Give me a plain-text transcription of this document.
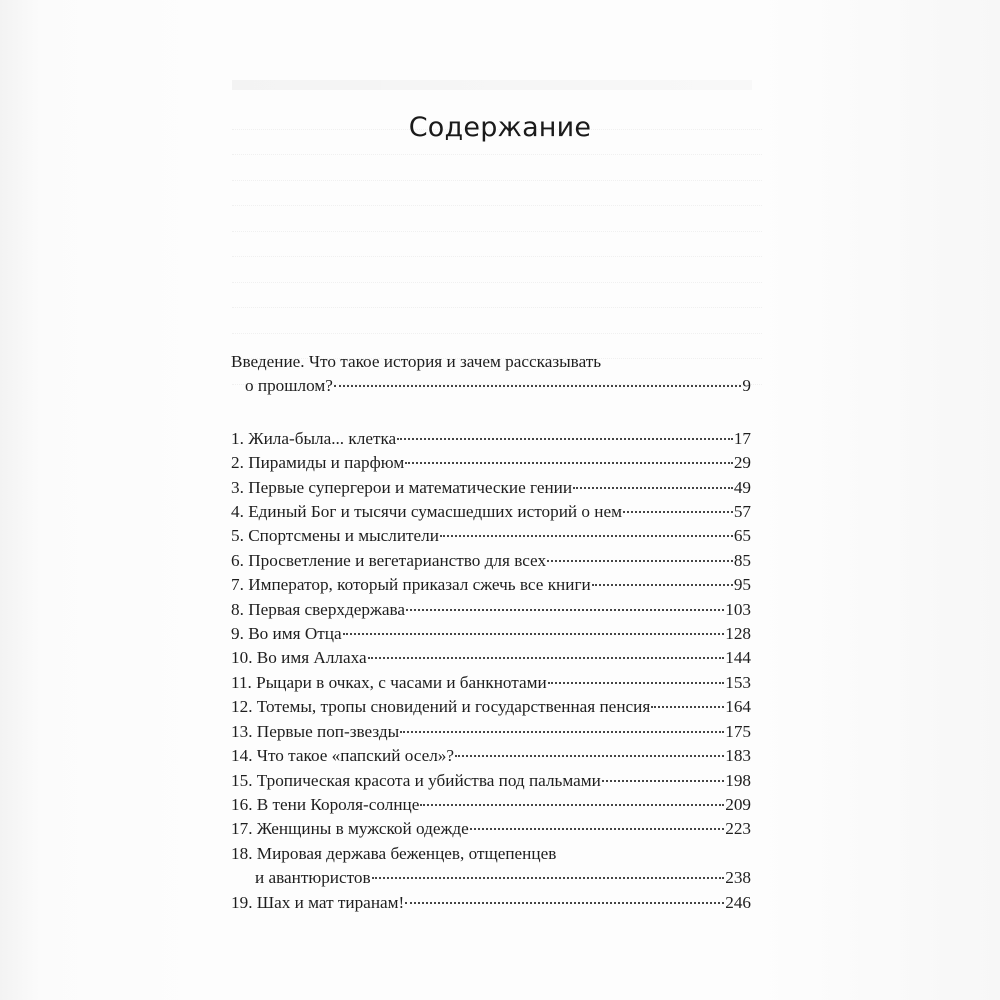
Содержание
Введение. Что такое история и зачем рассказывать
о прошлом?	9
1. Жила-была... клетка	17
2. Пирамиды и парфюм	29
3. Первые супергерои и математические гении	49
4. Единый Бог и тысячи сумасшедших историй о нем	57
5. Спортсмены и мыслители	65
6. Просветление и вегетарианство для всех	85
7. Император, который приказал сжечь все книги	95
8. Первая сверхдержава	103
9. Во имя Отца	128
10. Во имя Аллаха	144
11. Рыцари в очках, с часами и банкнотами	153
12. Тотемы, тропы сновидений и государственная пенсия	164
13. Первые поп-звезды	175
14. Что такое «папский осел»?	183
15. Тропическая красота и убийства под пальмами	198
16. В тени Короля-солнце	209
17. Женщины в мужской одежде	223
18. Мировая держава беженцев, отщепенцев
и авантюристов	238
19. Шах и мат тиранам!	246
